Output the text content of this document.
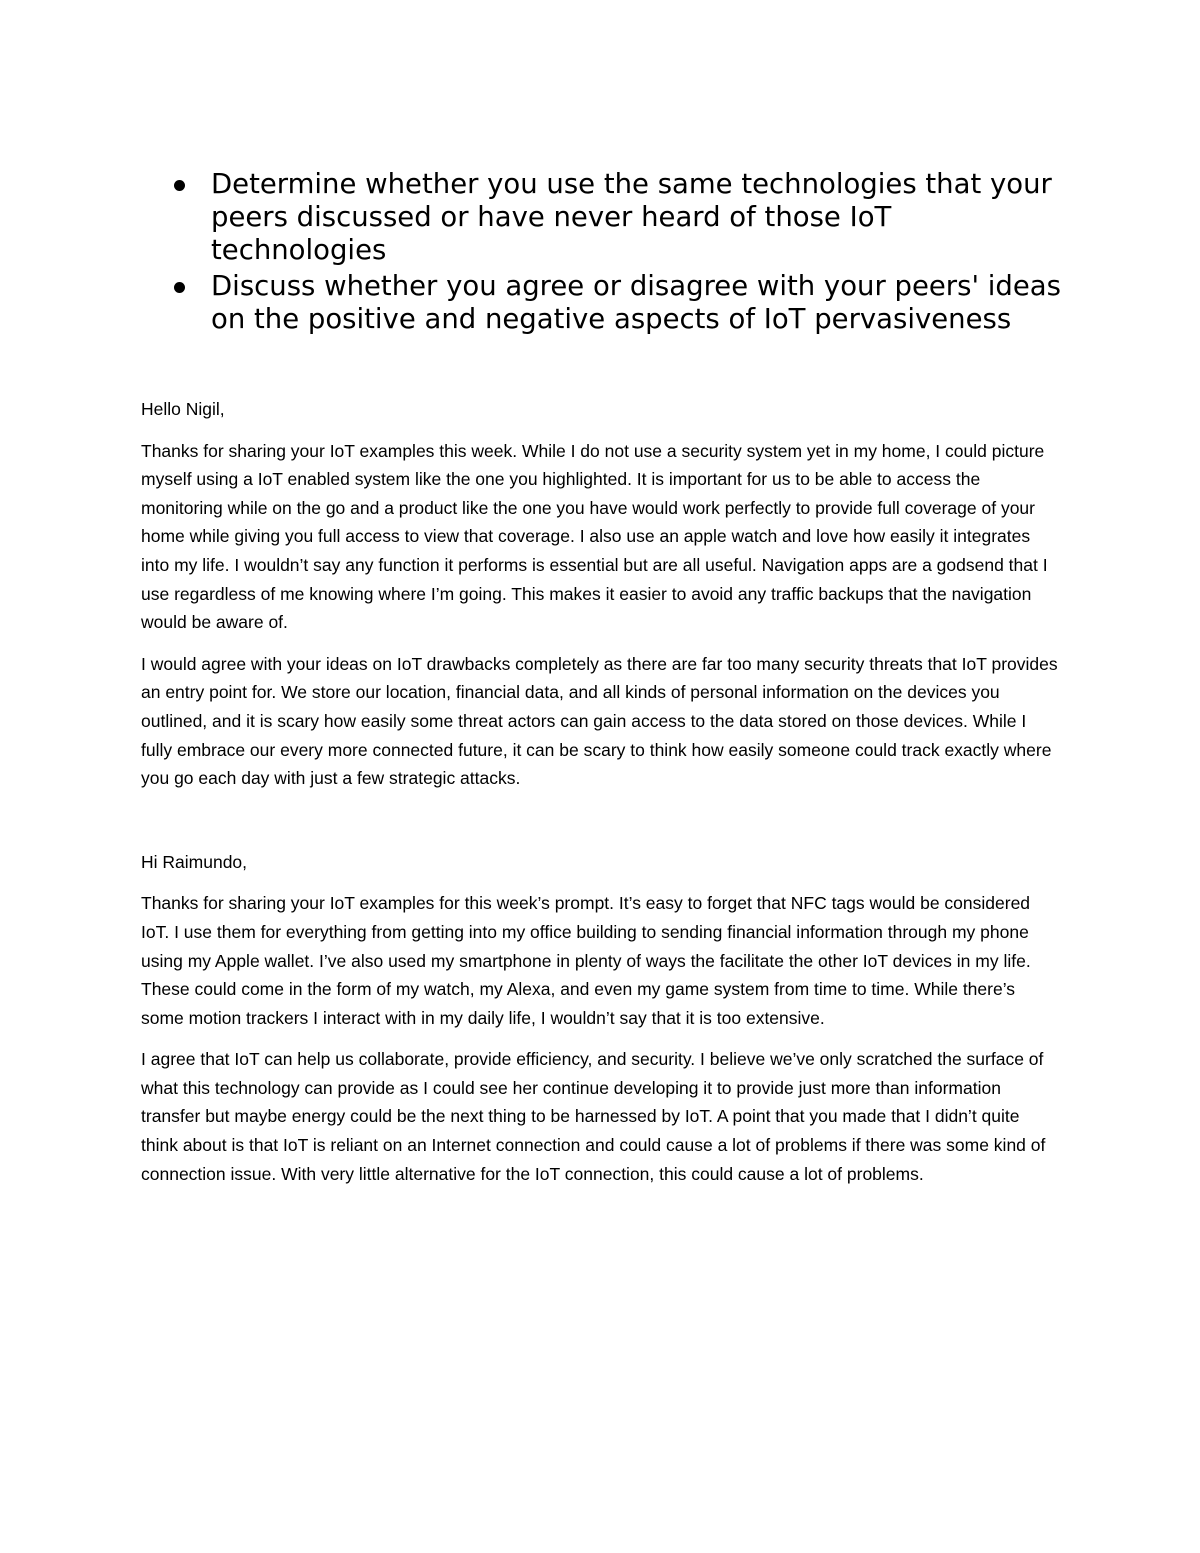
Determine whether you use the same technologies that your peers discussed or have never heard of those IoT technologies
Discuss whether you agree or disagree with your peers' ideas on the positive and negative aspects of IoT pervasiveness

Hello Nigil,

Thanks for sharing your IoT examples this week. While I do not use a security system yet in my home, I could picture myself using a IoT enabled system like the one you highlighted. It is important for us to be able to access the monitoring while on the go and a product like the one you have would work perfectly to provide full coverage of your home while giving you full access to view that coverage. I also use an apple watch and love how easily it integrates into my life. I wouldn’t say any function it performs is essential but are all useful. Navigation apps are a godsend that I use regardless of me knowing where I’m going. This makes it easier to avoid any traffic backups that the navigation would be aware of.

I would agree with your ideas on IoT drawbacks completely as there are far too many security threats that IoT provides an entry point for. We store our location, financial data, and all kinds of personal information on the devices you outlined, and it is scary how easily some threat actors can gain access to the data stored on those devices. While I fully embrace our every more connected future, it can be scary to think how easily someone could track exactly where you go each day with just a few strategic attacks.

Hi Raimundo,

Thanks for sharing your IoT examples for this week’s prompt. It’s easy to forget that NFC tags would be considered IoT. I use them for everything from getting into my office building to sending financial information through my phone using my Apple wallet. I’ve also used my smartphone in plenty of ways the facilitate the other IoT devices in my life. These could come in the form of my watch, my Alexa, and even my game system from time to time. While there’s some motion trackers I interact with in my daily life, I wouldn’t say that it is too extensive.

I agree that IoT can help us collaborate, provide efficiency, and security. I believe we’ve only scratched the surface of what this technology can provide as I could see her continue developing it to provide just more than information transfer but maybe energy could be the next thing to be harnessed by IoT. A point that you made that I didn’t quite think about is that IoT is reliant on an Internet connection and could cause a lot of problems if there was some kind of connection issue. With very little alternative for the IoT connection, this could cause a lot of problems.
